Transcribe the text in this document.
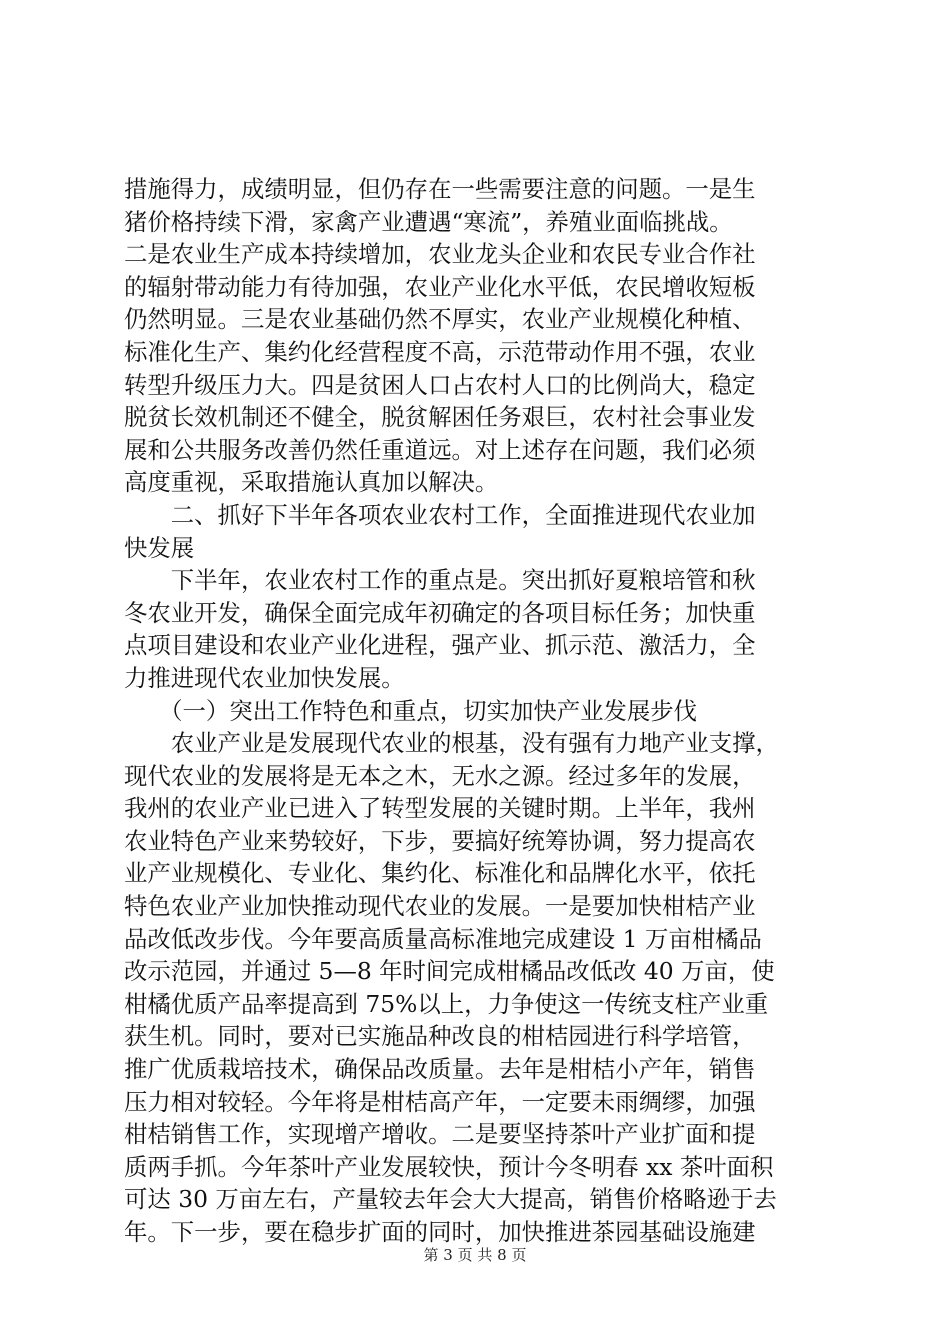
措施得力，成绩明显，但仍存在一些需要注意的问题。一是生
猪价格持续下滑，家禽产业遭遇“寒流”，养殖业面临挑战。
二是农业生产成本持续增加，农业龙头企业和农民专业合作社
的辐射带动能力有待加强，农业产业化水平低，农民增收短板
仍然明显。三是农业基础仍然不厚实，农业产业规模化种植、
标准化生产、集约化经营程度不高，示范带动作用不强，农业
转型升级压力大。四是贫困人口占农村人口的比例尚大，稳定
脱贫长效机制还不健全，脱贫解困任务艰巨，农村社会事业发
展和公共服务改善仍然任重道远。对上述存在问题，我们必须
高度重视，采取措施认真加以解决。
　　二、抓好下半年各项农业农村工作，全面推进现代农业加
快发展
　　下半年，农业农村工作的重点是。突出抓好夏粮培管和秋
冬农业开发，确保全面完成年初确定的各项目标任务；加快重
点项目建设和农业产业化进程，强产业、抓示范、激活力，全
力推进现代农业加快发展。
　　（一）突出工作特色和重点，切实加快产业发展步伐
　　农业产业是发展现代农业的根基，没有强有力地产业支撑，
现代农业的发展将是无本之木，无水之源。经过多年的发展，
我州的农业产业已进入了转型发展的关键时期。上半年，我州
农业特色产业来势较好，下步，要搞好统筹协调，努力提高农
业产业规模化、专业化、集约化、标准化和品牌化水平，依托
特色农业产业加快推动现代农业的发展。一是要加快柑桔产业
品改低改步伐。今年要高质量高标准地完成建设 1 万亩柑橘品
改示范园，并通过 5—8 年时间完成柑橘品改低改 40 万亩，使
柑橘优质产品率提高到 75%以上，力争使这一传统支柱产业重
获生机。同时，要对已实施品种改良的柑桔园进行科学培管，
推广优质栽培技术，确保品改质量。去年是柑桔小产年，销售
压力相对较轻。今年将是柑桔高产年，一定要未雨绸缪，加强
柑桔销售工作，实现增产增收。二是要坚持茶叶产业扩面和提
质两手抓。今年茶叶产业发展较快，预计今冬明春 xx 茶叶面积
可达 30 万亩左右，产量较去年会大大提高，销售价格略逊于去
年。下一步，要在稳步扩面的同时，加快推进茶园基础设施建
第 3 页 共 8 页
